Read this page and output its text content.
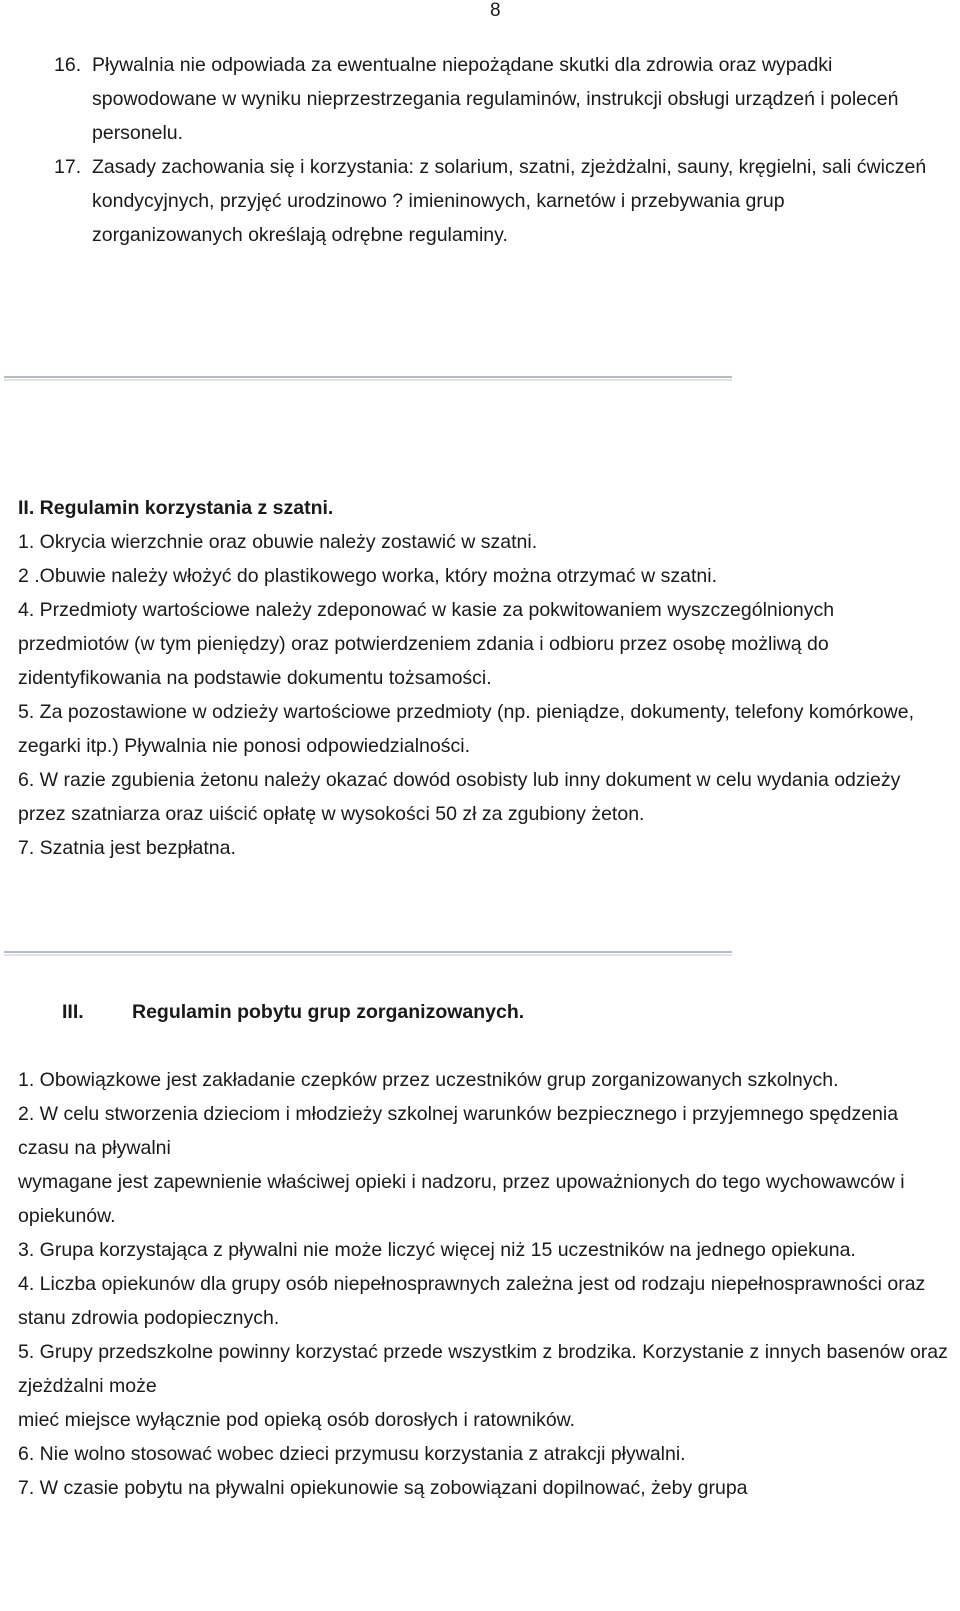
8
16. Pływalnia nie odpowiada za ewentualne niepożądane skutki dla zdrowia oraz wypadki spowodowane w wyniku nieprzestrzegania regulaminów, instrukcji obsługi urządzeń i poleceń personelu.
17. Zasady zachowania się i korzystania: z solarium, szatni, zjeżdżalni, sauny, kręgielni, sali ćwiczeń kondycyjnych, przyjęć urodzinowo ? imieninowych, karnetów i przebywania grup zorganizowanych określają odrębne regulaminy.

II. Regulamin korzystania z szatni.

1. Okrycia wierzchnie oraz obuwie należy zostawić w szatni.

2 .Obuwie należy włożyć do plastikowego worka, który można otrzymać w szatni.

4. Przedmioty wartościowe należy zdeponować w kasie za pokwitowaniem wyszczególnionych przedmiotów (w tym pieniędzy) oraz potwierdzeniem zdania i odbioru przez osobę możliwą do zidentyfikowania na podstawie dokumentu tożsamości.

5. Za pozostawione w odzieży wartościowe przedmioty (np. pieniądze, dokumenty, telefony komórkowe, zegarki itp.) Pływalnia nie ponosi odpowiedzialności.

6. W razie zgubienia żetonu należy okazać dowód osobisty lub inny dokument w celu wydania odzieży przez szatniarza oraz uiścić opłatę w wysokości 50 zł za zgubiony żeton.

7. Szatnia jest bezpłatna.

III. Regulamin pobytu grup zorganizowanych.

1. Obowiązkowe jest zakładanie czepków przez uczestników grup zorganizowanych szkolnych.

2. W celu stworzenia dzieciom i młodzieży szkolnej warunków bezpiecznego i przyjemnego spędzenia czasu na pływalni

wymagane jest zapewnienie właściwej opieki i nadzoru, przez upoważnionych do tego wychowawców i opiekunów.

3. Grupa korzystająca z pływalni nie może liczyć więcej niż 15 uczestników na jednego opiekuna.

4. Liczba opiekunów dla grupy osób niepełnosprawnych zależna jest od rodzaju niepełnosprawności oraz stanu zdrowia podopiecznych.

5. Grupy przedszkolne powinny korzystać przede wszystkim z brodzika. Korzystanie z innych basenów oraz zjeżdżalni może

mieć miejsce wyłącznie pod opieką osób dorosłych i ratowników.

6. Nie wolno stosować wobec dzieci przymusu korzystania z atrakcji pływalni.

7. W czasie pobytu na pływalni opiekunowie są zobowiązani dopilnować, żeby grupa
